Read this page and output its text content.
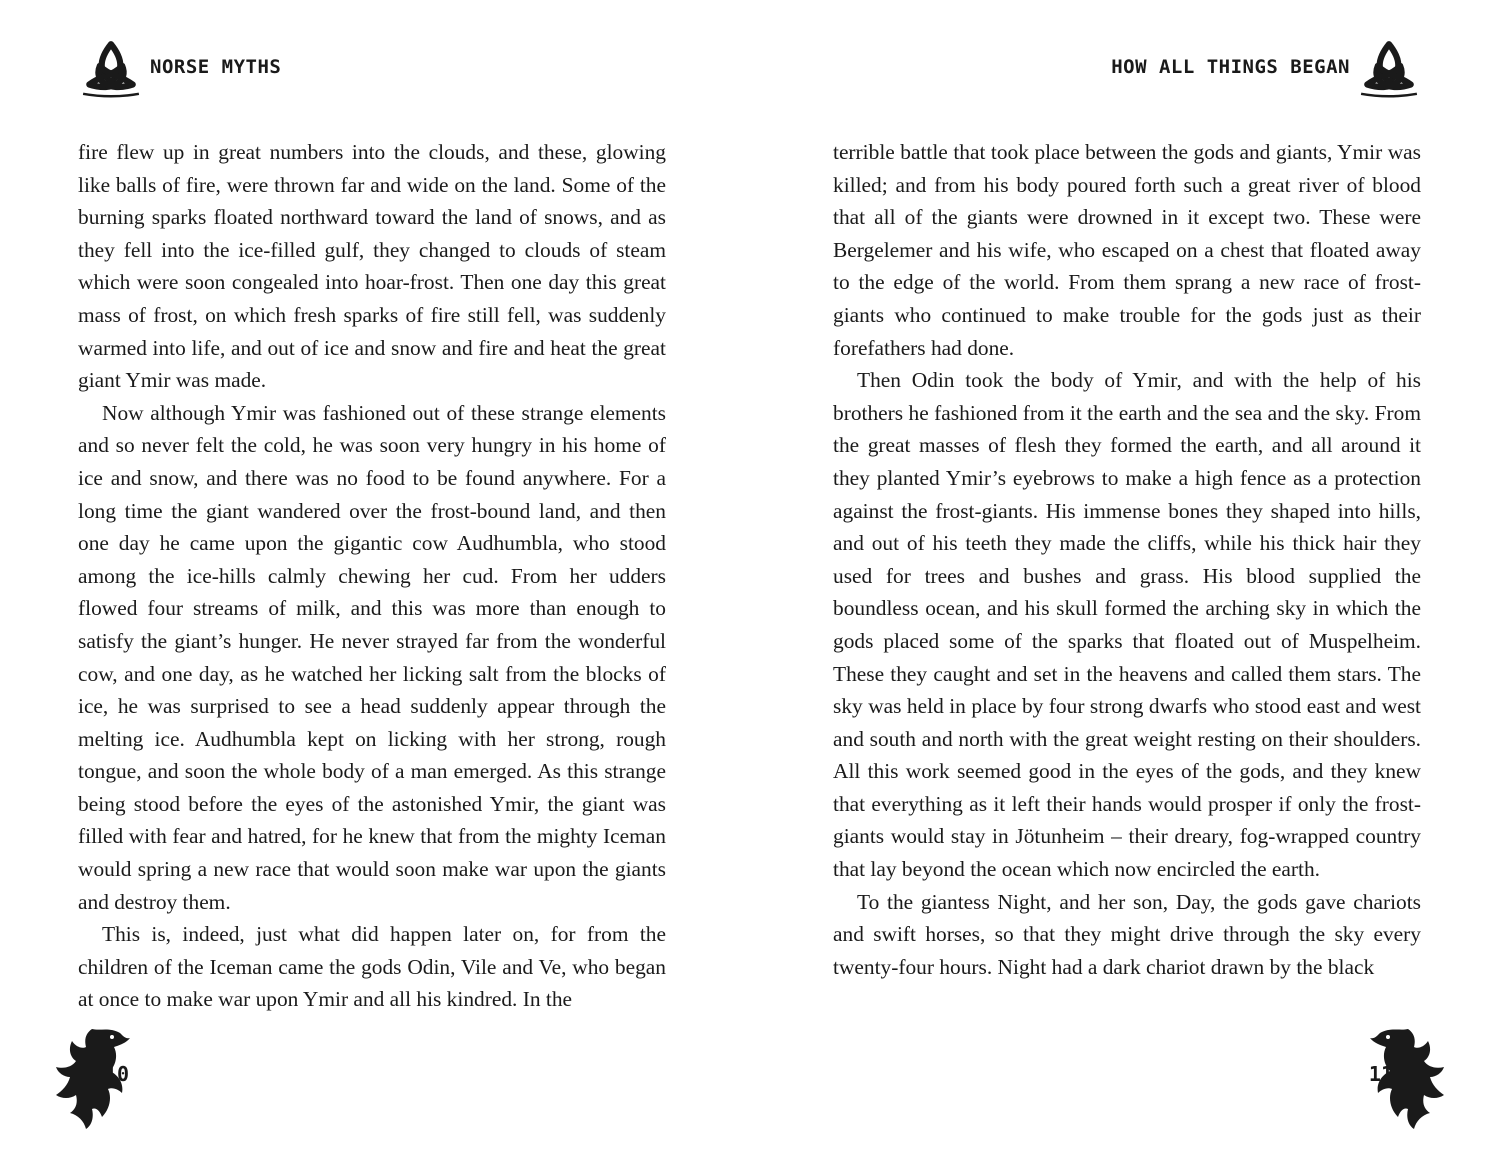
NORSE MYTHS

fire flew up in great numbers into the clouds, and these, glowing like balls of fire, were thrown far and wide on the land. Some of the burning sparks floated northward toward the land of snows, and as they fell into the ice-filled gulf, they changed to clouds of steam which were soon congealed into hoar-frost. Then one day this great mass of frost, on which fresh sparks of fire still fell, was suddenly warmed into life, and out of ice and snow and fire and heat the great giant Ymir was made.

Now although Ymir was fashioned out of these strange elements and so never felt the cold, he was soon very hungry in his home of ice and snow, and there was no food to be found anywhere. For a long time the giant wandered over the frost-bound land, and then one day he came upon the gigantic cow Audhumbla, who stood among the ice-hills calmly chewing her cud. From her udders flowed four streams of milk, and this was more than enough to satisfy the giant’s hunger. He never strayed far from the wonderful cow, and one day, as he watched her licking salt from the blocks of ice, he was surprised to see a head suddenly appear through the melting ice. Audhumbla kept on licking with her strong, rough tongue, and soon the whole body of a man emerged. As this strange being stood before the eyes of the astonished Ymir, the giant was filled with fear and hatred, for he knew that from the mighty Iceman would spring a new race that would soon make war upon the giants and destroy them.

This is, indeed, just what did happen later on, for from the children of the Iceman came the gods Odin, Vile and Ve, who began at once to make war upon Ymir and all his kindred. In the

10
HOW ALL THINGS BEGAN

terrible battle that took place between the gods and giants, Ymir was killed; and from his body poured forth such a great river of blood that all of the giants were drowned in it except two. These were Bergelemer and his wife, who escaped on a chest that floated away to the edge of the world. From them sprang a new race of frost-giants who continued to make trouble for the gods just as their forefathers had done.

Then Odin took the body of Ymir, and with the help of his brothers he fashioned from it the earth and the sea and the sky. From the great masses of flesh they formed the earth, and all around it they planted Ymir’s eyebrows to make a high fence as a protection against the frost-giants. His immense bones they shaped into hills, and out of his teeth they made the cliffs, while his thick hair they used for trees and bushes and grass. His blood supplied the boundless ocean, and his skull formed the arching sky in which the gods placed some of the sparks that floated out of Muspelheim. These they caught and set in the heavens and called them stars. The sky was held in place by four strong dwarfs who stood east and west and south and north with the great weight resting on their shoulders. All this work seemed good in the eyes of the gods, and they knew that everything as it left their hands would prosper if only the frost-giants would stay in Jötunheim – their dreary, fog-wrapped country that lay beyond the ocean which now encircled the earth.

To the giantess Night, and her son, Day, the gods gave chariots and swift horses, so that they might drive through the sky every twenty-four hours. Night had a dark chariot drawn by the black

11
